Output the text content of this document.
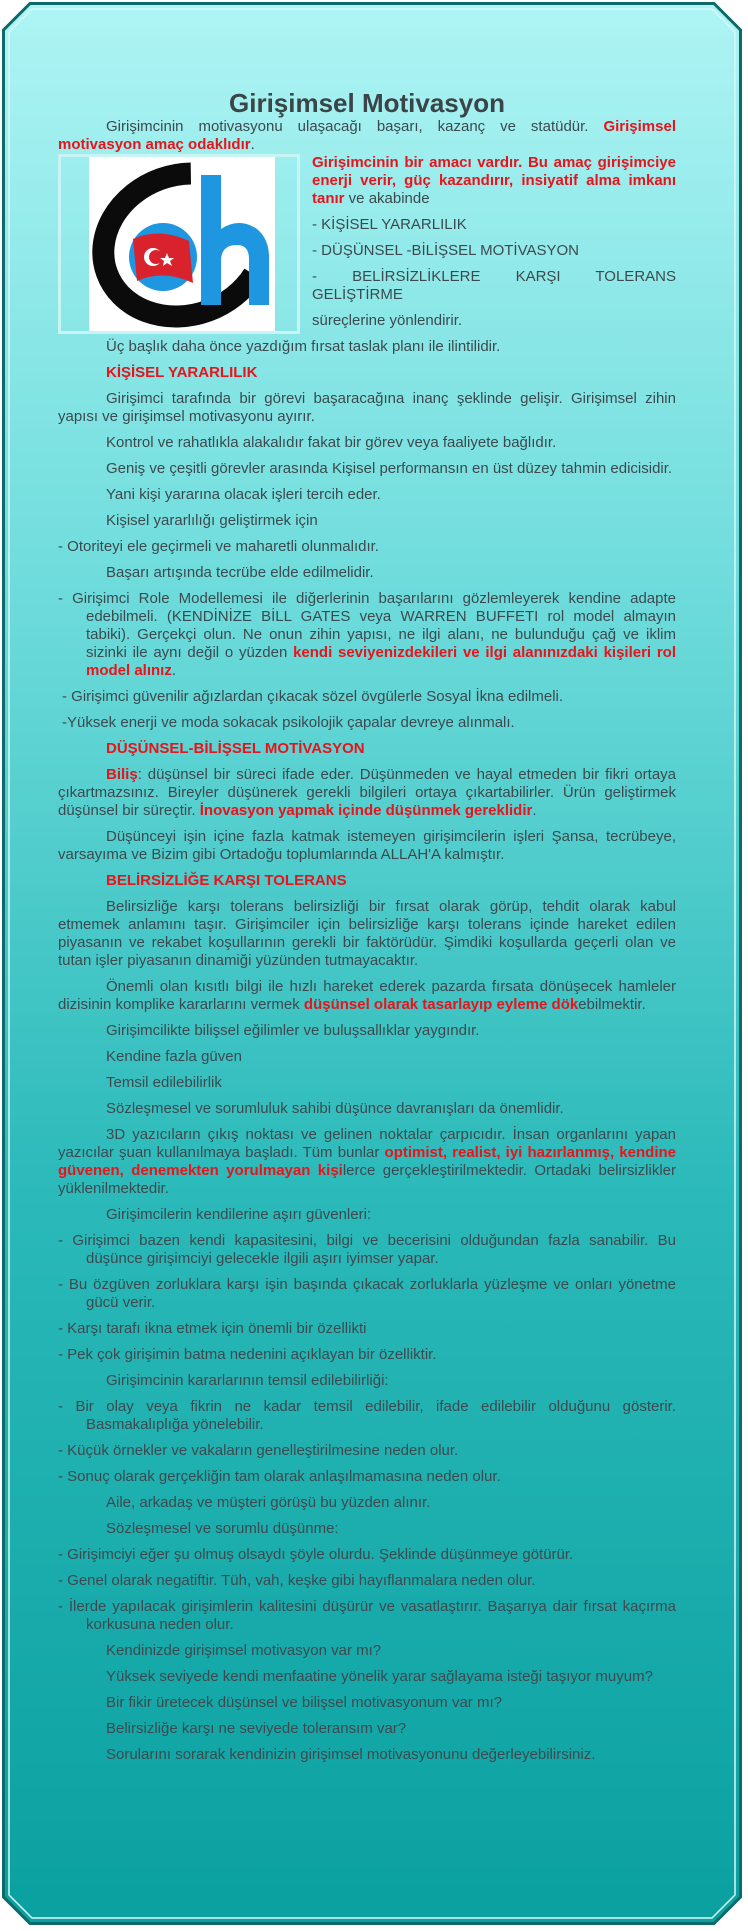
Girişimsel Motivasyon

Girişimcinin motivasyonu ulaşacağı başarı, kazanç ve statüdür. Girişimsel motivasyon amaç odaklıdır.

Girişimcinin bir amacı vardır. Bu amaç girişimciye enerji verir, güç kazandırır, insiyatif alma imkanı tanır ve akabinde

- KİŞİSEL YARARLILIK

- DÜŞÜNSEL -BİLİŞSEL MOTİVASYON

- BELİRSİZLİKLERE KARŞI TOLERANS GELİŞTİRME

süreçlerine yönlendirir.

Üç başlık daha önce yazdığım fırsat taslak planı ile ilintilidir.

KİŞİSEL YARARLILIK

Girişimci tarafında bir görevi başaracağına inanç şeklinde gelişir. Girişimsel zihin yapısı ve girişimsel motivasyonu ayırır.

Kontrol ve rahatlıkla alakalıdır fakat bir görev veya faaliyete bağlıdır.

Geniş ve çeşitli görevler arasında Kişisel performansın en üst düzey tahmin edicisidir.

Yani kişi yararına olacak işleri tercih eder.

Kişisel yararlılığı geliştirmek için

- Otoriteyi ele geçirmeli ve maharetli olunmalıdır.

Başarı artışında tecrübe elde edilmelidir.

- Girişimci Role Modellemesi ile diğerlerinin başarılarını gözlemleyerek kendine adapte edebilmeli. (KENDİNİZE BİLL GATES veya WARREN BUFFETI rol model almayın tabiki). Gerçekçi olun. Ne onun zihin yapısı, ne ilgi alanı, ne bulunduğu çağ ve iklim sizinki ile aynı değil o yüzden kendi seviyenizdekileri ve ilgi alanınızdaki kişileri rol model alınız.

- Girişimci güvenilir ağızlardan çıkacak sözel övgülerle Sosyal İkna edilmeli.

-Yüksek enerji ve moda sokacak psikolojik çapalar devreye alınmalı.

DÜŞÜNSEL-BİLİŞSEL MOTİVASYON

Biliş: düşünsel bir süreci ifade eder. Düşünmeden ve hayal etmeden bir fikri ortaya çıkartmazsınız. Bireyler düşünerek gerekli bilgileri ortaya çıkartabilirler. Ürün geliştirmek düşünsel bir süreçtir. İnovasyon yapmak içinde düşünmek gereklidir.

Düşünceyi işin içine fazla katmak istemeyen girişimcilerin işleri Şansa, tecrübeye, varsayıma ve Bizim gibi Ortadoğu toplumlarında ALLAH'A kalmıştır.

BELİRSİZLİĞE KARŞI TOLERANS

Belirsizliğe karşı tolerans belirsizliği bir fırsat olarak görüp, tehdit olarak kabul etmemek anlamını taşır. Girişimciler için belirsizliğe karşı tolerans içinde hareket edilen piyasanın ve rekabet koşullarının gerekli bir faktörüdür. Şimdiki koşullarda geçerli olan ve tutan işler piyasanın dinamiği yüzünden tutmayacaktır.

Önemli olan kısıtlı bilgi ile hızlı hareket ederek pazarda fırsata dönüşecek hamleler dizisinin komplike kararlarını vermek düşünsel olarak tasarlayıp eyleme dökebilmektir.

Girişimcilikte bilişsel eğilimler ve buluşsallıklar yaygındır.

Kendine fazla güven

Temsil edilebilirlik

Sözleşmesel ve sorumluluk sahibi düşünce davranışları da önemlidir.

3D yazıcıların çıkış noktası ve gelinen noktalar çarpıcıdır. İnsan organlarını yapan yazıcılar şuan kullanılmaya başladı. Tüm bunlar optimist, realist, iyi hazırlanmış, kendine güvenen, denemekten yorulmayan kişilerce gerçekleştirilmektedir. Ortadaki belirsizlikler yüklenilmektedir.

Girişimcilerin kendilerine aşırı güvenleri:

- Girişimci bazen kendi kapasitesini, bilgi ve becerisini olduğundan fazla sanabilir. Bu düşünce girişimciyi gelecekle ilgili aşırı iyimser yapar.

- Bu özgüven zorluklara karşı işin başında çıkacak zorluklarla yüzleşme ve onları yönetme gücü verir.

- Karşı tarafı ikna etmek için önemli bir özellikti

- Pek çok girişimin batma nedenini açıklayan bir özelliktir.

Girişimcinin kararlarının temsil edilebilirliği:

- Bir olay veya fikrin ne kadar temsil edilebilir, ifade edilebilir olduğunu gösterir. Basmakalıplığa yönelebilir.

- Küçük örnekler ve vakaların genelleştirilmesine neden olur.

- Sonuç olarak gerçekliğin tam olarak anlaşılmamasına neden olur.

Aile, arkadaş ve müşteri görüşü bu yüzden alınır.

Sözleşmesel ve sorumlu düşünme:

- Girişimciyi eğer şu olmuş olsaydı şöyle olurdu. Şeklinde düşünmeye götürür.

- Genel olarak negatiftir. Tüh, vah, keşke gibi hayıflanmalara neden olur.

- İlerde yapılacak girişimlerin kalitesini düşürür ve vasatlaştırır. Başarıya dair fırsat kaçırma korkusuna neden olur.

Kendinizde girişimsel motivasyon var mı?

Yüksek seviyede kendi menfaatine yönelik yarar sağlayama isteği taşıyor muyum?

Bir fikir üretecek düşünsel ve bilişsel motivasyonum var mı?

Belirsizliğe karşı ne seviyede toleransım var?

Sorularını sorarak kendinizin girişimsel motivasyonunu değerleyebilirsiniz.
